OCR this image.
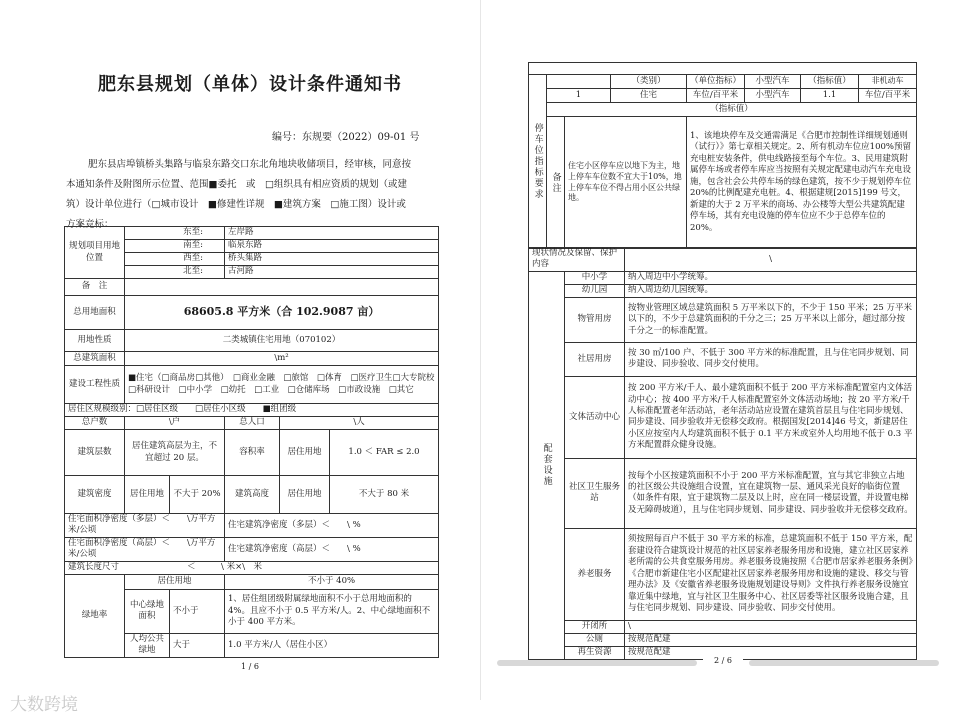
肥东县规划（单体）设计条件通知书
编号：东规要（2022）09-01 号
肥东县店埠镇桥头集路与临泉东路交口东北角地块收储项目，经审核，同意按本通知条件及附图所示位置、范围■委托　或　□组织具有相应资质的规划（或建筑）设计单位进行（□城市设计　■修建性详规　■建筑方案　□施工图）设计或方案竞标：
规划项目用地位置	东至:		左岸路		
	南至:		临泉东路		
	西至:		桥头集路		
	北至:		古河路		
备　注					
总用地面积	68605.8 平方米（合 102.9087 亩）				
用地性质	二类城镇住宅用地（070102）				
总建筑面积	\m²				
建设工程性质	■住宅（□商品房□其他）　□商业金融　□旅馆　□体育　□医疗卫生□大专院校　□科研设计　□中小学　□幼托　□工业　□仓储库场　□市政设施　□其它				
居住区规模级别：□居住区级　　□居住小区级　　■组团级					
总户数	\户		总人口	\人	
建筑层数	居住建筑高层为主，不宜超过 20 层。		容积率	居住用地	1.0 ＜ FAR ≤ 2.0
建筑密度	居住用地	不大于 20%	建筑高度	居住用地	不大于 80 米
住宅面积净密度（多层）＜　　\万平方米/公顷			住宅建筑净密度（多层）＜　　\ %		
住宅面积净密度（高层）＜　　\万平方米/公顷			住宅建筑净密度（高层）＜　　\ %		
建筑长度尺寸　　　　　　　　＜　　　\ 米×\　米					
绿地率	居住用地		不小于 40%		
	中心绿地面积	不小于	1、居住组团级附属绿地面积不小于总用地面积的 4%。且应不小于 0.5 平方米/人。2、中心绿地面积不小于 400 平方米。		
	人均公共绿地	大于	1.0 平方米/人（居住小区）		
1 / 6

停车位指标要求			（类别）	（单位指标）	小型汽车	（指标值）	非机动车
	1		住宅	车位/百平米	小型汽车	1.1	车位/百平米
	（指标值）						
	备注	住宅小区停车应以地下为主，地上停车车位数不宜大于10%，地上停车车位不得占用小区公共绿地。		1、该地块停车及交通需满足《合肥市控制性详细规划通则（试行）》第七章相关规定。2、所有机动车位应100%预留充电桩安装条件，供电线路接至每个车位。3、民用建筑附属停车场或者停车库应当按照有关规定配建电动汽车充电设施，包含社会公共停车场的绿色建筑，按不少于规划停车位20%的比例配建充电桩。4、根据建规[2015]199 号文，新建的大于 2 万平米的商场、办公楼等大型公共建筑配建停车场，其有充电设施的停车位应不少于总停车位的 20%。			
现状情况及保留、保护内容		\
配套设施	中小学	纳入周边中小学统筹。
	幼儿园	纳入周边幼儿园统筹。
	物管用房	按物业管理区域总建筑面积 5 万平米以下的，不少于 150 平米；25 万平米以下的，不少于总建筑面积的千分之三；25 万平米以上部分，超过部分按千分之一的标准配置。
	社居用房	按 30 ㎡/100 户、不低于 300 平方米的标准配置，且与住宅同步规划、同步建设、同步验收、同步交付使用。
	文体活动中心	按 200 平方米/千人、最小建筑面积不低于 200 平方米标准配置室内文体活动中心；按 400 平方米/千人标准配置室外文体活动场地；按 20 平方米/千人标准配置老年活动站，老年活动站应设置在建筑首层且与住宅同步规划、同步建设、同步验收并无偿移交政府。根据国发[2014]46 号文，新建居住小区应按室内人均建筑面积不低于 0.1 平方米或室外人均用地不低于 0.3 平方米配置群众健身设施。
	社区卫生服务站	按每个小区按建筑面积不小于 200 平方米标准配置，宜与其它非独立占地的社区级公共设施组合设置，宜在建筑物一层、通风采光良好的临街位置（如条件有限，宜于建筑物二层及以上时，应在同一楼层设置，并设置电梯及无障碍坡道），且与住宅同步规划、同步建设、同步验收并无偿移交政府。
	养老服务	须按照每百户不低于 30 平方米的标准，总建筑面积不低于 150 平方米，配套建设符合建筑设计规范的社区居家养老服务用房和设施，建立社区居家养老所需的公共食堂服务用房。养老服务设施按照《合肥市居家养老服务条例》《合肥市新建住宅小区配建社区居家养老服务用房和设施的建设、移交与管理办法》及《安徽省养老服务设施规划建设导则》文件执行养老服务设施宜靠近集中绿地，宜与社区卫生服务中心、社区居委等社区服务设施合建，且与住宅同步规划、同步建设、同步验收、同步交付使用。
	开闭所	\
	公厕	按规范配建
	再生资源	按规范配建
2 / 6
大数跨境
